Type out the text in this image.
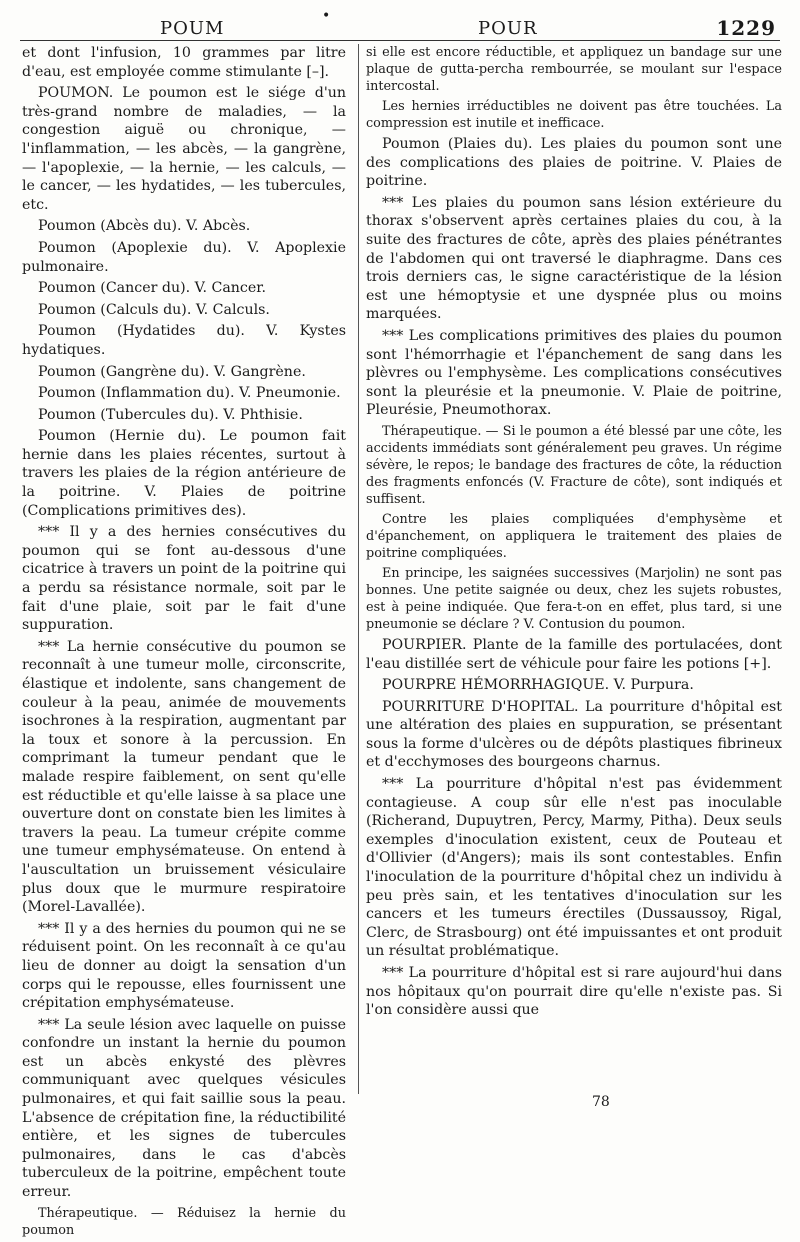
POUM
•
POUR	1229

et dont l'infusion, 10 grammes par litre d'eau, est employée comme stimulante [–].

POUMON. Le poumon est le siége d'un très-grand nombre de maladies, — la congestion aiguë ou chronique, — l'inflammation, — les abcès, — la gangrène, — l'apoplexie, — la hernie, — les calculs, — le cancer, — les hydatides, — les tubercules, etc.

Poumon (Abcès du). V. Abcès.

Poumon (Apoplexie du). V. Apoplexie pulmonaire.

Poumon (Cancer du). V. Cancer.

Poumon (Calculs du). V. Calculs.

Poumon (Hydatides du). V. Kystes hydatiques.

Poumon (Gangrène du). V. Gangrène.

Poumon (Inflammation du). V. Pneumonie.

Poumon (Tubercules du). V. Phthisie.

Poumon (Hernie du). Le poumon fait hernie dans les plaies récentes, surtout à travers les plaies de la région antérieure de la poitrine. V. Plaies de poitrine (Complications primitives des).

*** Il y a des hernies consécutives du poumon qui se font au-dessous d'une cicatrice à travers un point de la poitrine qui a perdu sa résistance normale, soit par le fait d'une plaie, soit par le fait d'une suppuration.

*** La hernie consécutive du poumon se reconnaît à une tumeur molle, circonscrite, élastique et indolente, sans changement de couleur à la peau, animée de mouvements isochrones à la respiration, augmentant par la toux et sonore à la percussion. En comprimant la tumeur pendant que le malade respire faiblement, on sent qu'elle est réductible et qu'elle laisse à sa place une ouverture dont on constate bien les limites à travers la peau. La tumeur crépite comme une tumeur emphysémateuse. On entend à l'auscultation un bruissement vésiculaire plus doux que le murmure respiratoire (Morel-Lavallée).

*** Il y a des hernies du poumon qui ne se réduisent point. On les reconnaît à ce qu'au lieu de donner au doigt la sensation d'un corps qui le repousse, elles fournissent une crépitation emphysémateuse.

*** La seule lésion avec laquelle on puisse confondre un instant la hernie du poumon est un abcès enkysté des plèvres communiquant avec quelques vésicules pulmonaires, et qui fait saillie sous la peau. L'absence de crépitation fine, la réductibilité entière, et les signes de tubercules pulmonaires, dans le cas d'abcès tuberculeux de la poitrine, empêchent toute erreur.

Thérapeutique. — Réduisez la hernie du poumon

si elle est encore réductible, et appliquez un bandage sur une plaque de gutta-percha rembourrée, se moulant sur l'espace intercostal.

Les hernies irréductibles ne doivent pas être touchées. La compression est inutile et inefficace.

Poumon (Plaies du). Les plaies du poumon sont une des complications des plaies de poitrine. V. Plaies de poitrine.

*** Les plaies du poumon sans lésion extérieure du thorax s'observent après certaines plaies du cou, à la suite des fractures de côte, après des plaies pénétrantes de l'abdomen qui ont traversé le diaphragme. Dans ces trois derniers cas, le signe caractéristique de la lésion est une hémoptysie et une dyspnée plus ou moins marquées.

*** Les complications primitives des plaies du poumon sont l'hémorrhagie et l'épanchement de sang dans les plèvres ou l'emphysème. Les complications consécutives sont la pleurésie et la pneumonie. V. Plaie de poitrine, Pleurésie, Pneumothorax.

Thérapeutique. — Si le poumon a été blessé par une côte, les accidents immédiats sont généralement peu graves. Un régime sévère, le repos; le bandage des fractures de côte, la réduction des fragments enfoncés (V. Fracture de côte), sont indiqués et suffisent.

Contre les plaies compliquées d'emphysème et d'épanchement, on appliquera le traitement des plaies de poitrine compliquées.

En principe, les saignées successives (Marjolin) ne sont pas bonnes. Une petite saignée ou deux, chez les sujets robustes, est à peine indiquée. Que fera-t-on en effet, plus tard, si une pneumonie se déclare ? V. Contusion du poumon.

POURPIER. Plante de la famille des portulacées, dont l'eau distillée sert de véhicule pour faire les potions [+].

POURPRE HÉMORRHAGIQUE. V. Purpura.

POURRITURE D'HOPITAL. La pourriture d'hôpital est une altération des plaies en suppuration, se présentant sous la forme d'ulcères ou de dépôts plastiques fibrineux et d'ecchymoses des bourgeons charnus.

*** La pourriture d'hôpital n'est pas évidemment contagieuse. A coup sûr elle n'est pas inoculable (Richerand, Dupuytren, Percy, Marmy, Pitha). Deux seuls exemples d'inoculation existent, ceux de Pouteau et d'Ollivier (d'Angers); mais ils sont contestables. Enfin l'inoculation de la pourriture d'hôpital chez un individu à peu près sain, et les tentatives d'inoculation sur les cancers et les tumeurs érectiles (Dussaussoy, Rigal, Clerc, de Strasbourg) ont été impuissantes et ont produit un résultat problématique.

*** La pourriture d'hôpital est si rare aujourd'hui dans nos hôpitaux qu'on pourrait dire qu'elle n'existe pas. Si l'on considère aussi que

78
